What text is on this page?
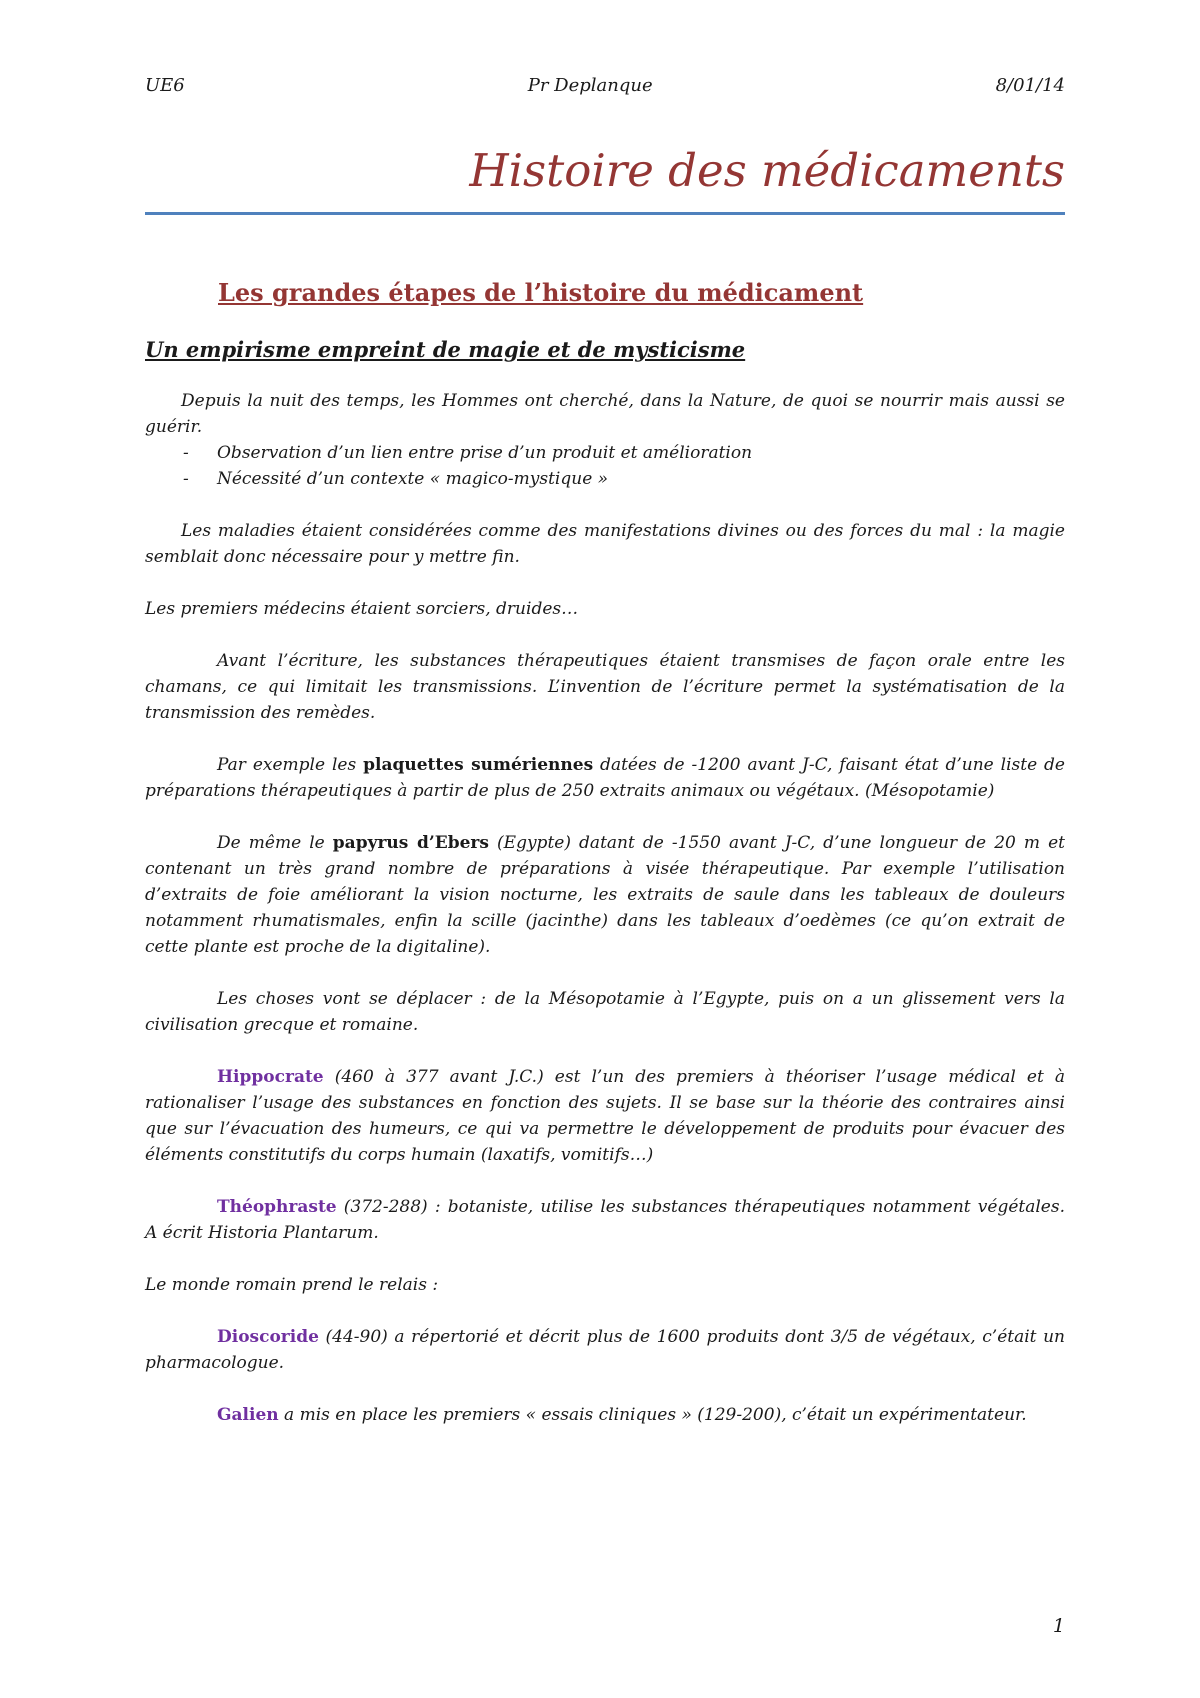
UE6	Pr Deplanque	8/01/14
Histoire des médicaments
Les grandes étapes de l’histoire du médicament
Un empirisme empreint de magie et de mysticisme

Depuis la nuit des temps, les Hommes ont cherché, dans la Nature, de quoi se nourrir mais aussi se guérir.

- Observation d’un lien entre prise d’un produit et amélioration
- Nécessité d’un contexte « magico-mystique »

Les maladies étaient considérées comme des manifestations divines ou des forces du mal : la magie semblait donc nécessaire pour y mettre fin.

Les premiers médecins étaient sorciers, druides…

Avant l’écriture, les substances thérapeutiques étaient transmises de façon orale entre les chamans, ce qui limitait les transmissions. L’invention de l’écriture permet la systématisation de la transmission des remèdes.

Par exemple les plaquettes sumériennes datées de -1200 avant J-C, faisant état d’une liste de préparations thérapeutiques à partir de plus de 250 extraits animaux ou végétaux. (Mésopotamie)

De même le papyrus d’Ebers (Egypte) datant de -1550 avant J-C, d’une longueur de 20 m et contenant un très grand nombre de préparations à visée thérapeutique. Par exemple l’utilisation d’extraits de foie améliorant la vision nocturne, les extraits de saule dans les tableaux de douleurs notamment rhumatismales, enfin la scille (jacinthe) dans les tableaux d’oedèmes (ce qu’on extrait de cette plante est proche de la digitaline).

Les choses vont se déplacer : de la Mésopotamie à l’Egypte, puis on a un glissement vers la civilisation grecque et romaine.

Hippocrate (460 à 377 avant J.C.) est l’un des premiers à théoriser l’usage médical et à rationaliser l’usage des substances en fonction des sujets. Il se base sur la théorie des contraires ainsi que sur l’évacuation des humeurs, ce qui va permettre le développement de produits pour évacuer des éléments constitutifs du corps humain (laxatifs, vomitifs…)

Théophraste (372-288) : botaniste, utilise les substances thérapeutiques notamment végétales. A écrit Historia Plantarum.

Le monde romain prend le relais :

Dioscoride (44-90) a répertorié et décrit plus de 1600 produits dont 3/5 de végétaux, c’était un pharmacologue.

Galien a mis en place les premiers « essais cliniques » (129-200), c’était un expérimentateur.

1
